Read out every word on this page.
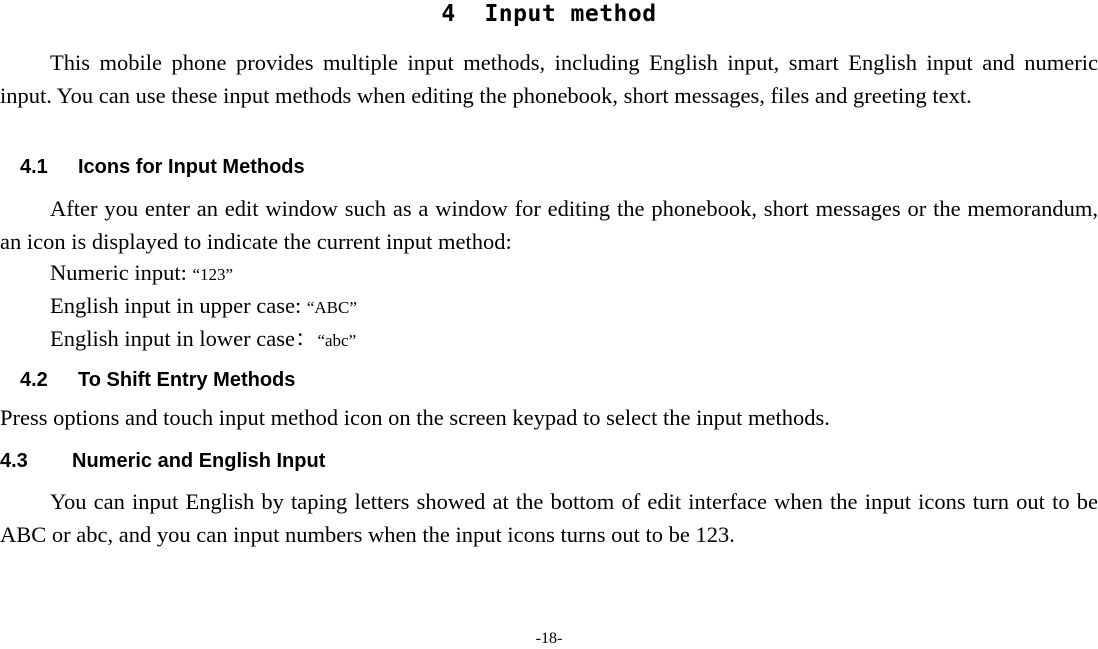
4 Input method

This mobile phone provides multiple input methods, including English input, smart English input and numeric input. You can use these input methods when editing the phonebook, short messages, files and greeting text.

4.1 Icons for Input Methods

After you enter an edit window such as a window for editing the phonebook, short messages or the memorandum, an icon is displayed to indicate the current input method:

Numeric input: “123”
English input in upper case: “ABC”
English input in lower case：“abc”
4.2 To Shift Entry Methods
Press options and touch input method icon on the screen keypad to select the input methods.
4.3 Numeric and English Input

You can input English by taping letters showed at the bottom of edit interface when the input icons turn out to be ABC or abc, and you can input numbers when the input icons turns out to be 123.

-18-
